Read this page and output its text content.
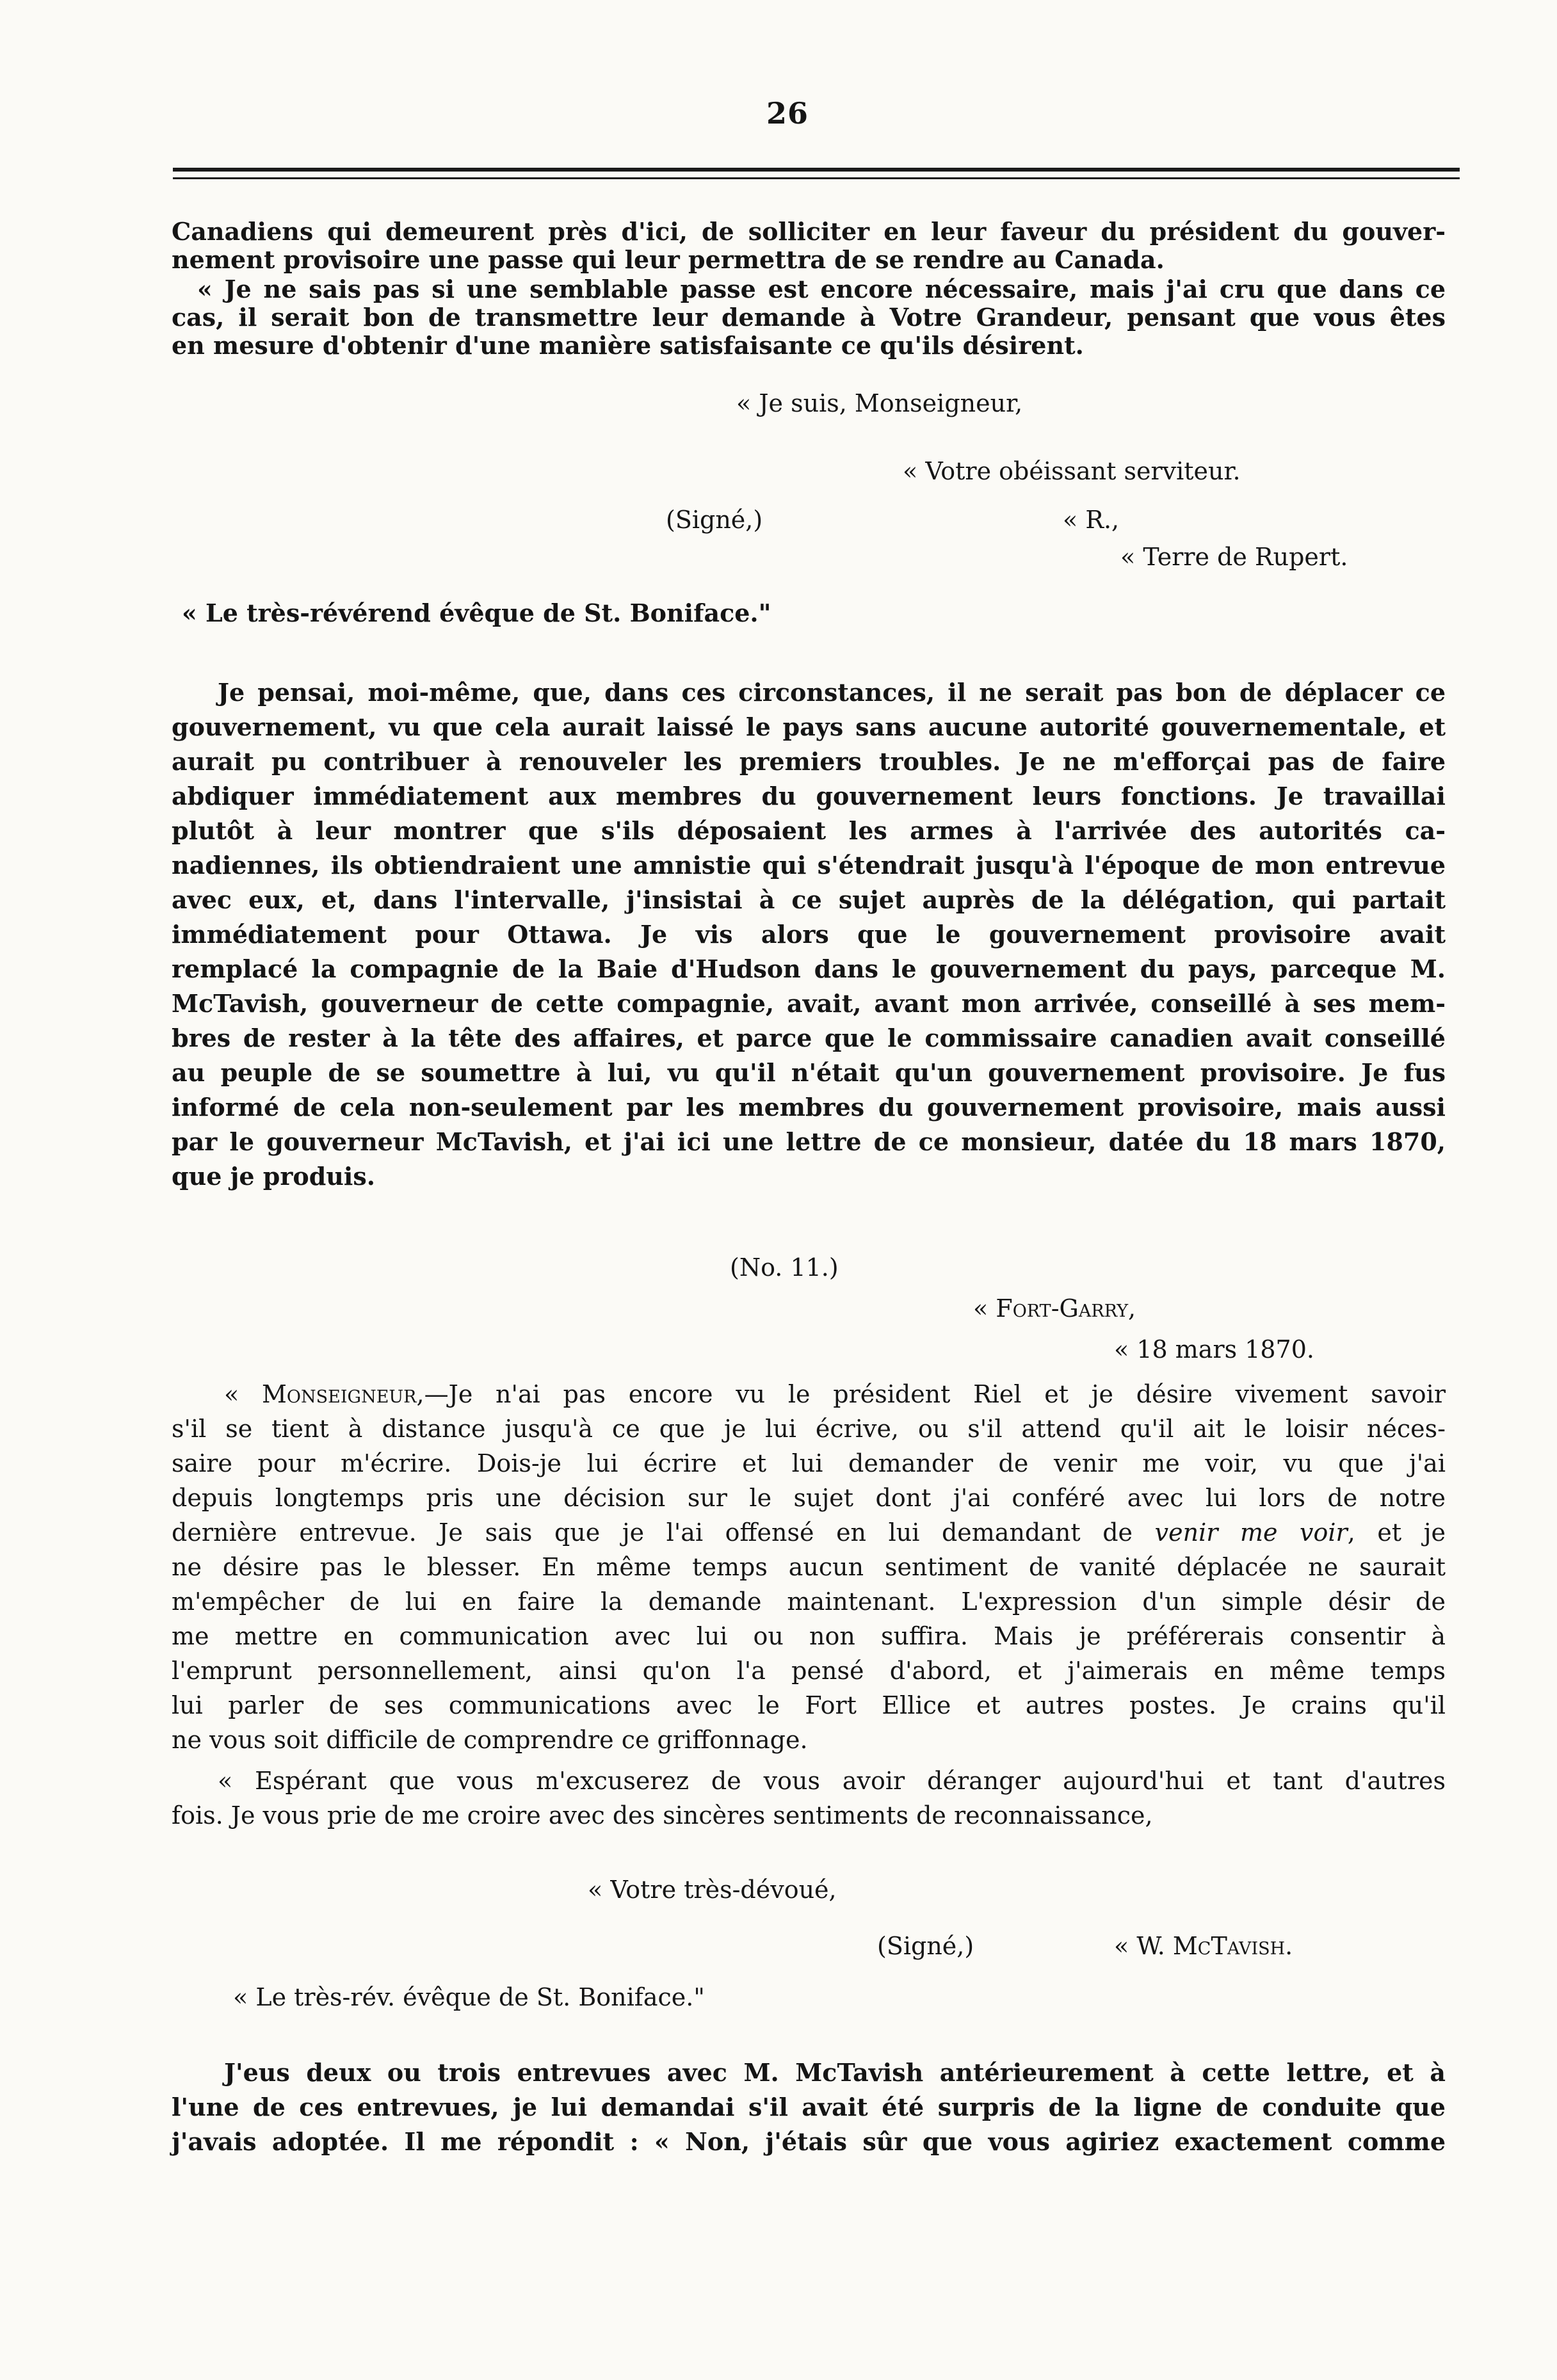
26
Canadiens qui demeurent près d'ici, de solliciter en leur faveur du président du gouver-
nement provisoire une passe qui leur permettra de se rendre au Canada.
« Je ne sais pas si une semblable passe est encore nécessaire, mais j'ai cru que dans ce
cas, il serait bon de transmettre leur demande à Votre Grandeur, pensant que vous êtes
en mesure d'obtenir d'une manière satisfaisante ce qu'ils désirent.
« Je suis, Monseigneur,
« Votre obéissant serviteur.
(Signé,)	« R.,
« Terre de Rupert.
« Le très-révérend évêque de St. Boniface."
Je pensai, moi-même, que, dans ces circonstances, il ne serait pas bon de déplacer ce
gouvernement, vu que cela aurait laissé le pays sans aucune autorité gouvernementale, et
aurait pu contribuer à renouveler les premiers troubles. Je ne m'efforçai pas de faire
abdiquer immédiatement aux membres du gouvernement leurs fonctions. Je travaillai
plutôt à leur montrer que s'ils déposaient les armes à l'arrivée des autorités ca-
nadiennes, ils obtiendraient une amnistie qui s'étendrait jusqu'à l'époque de mon entrevue
avec eux, et, dans l'intervalle, j'insistai à ce sujet auprès de la délégation, qui partait
immédiatement pour Ottawa. Je vis alors que le gouvernement provisoire avait
remplacé la compagnie de la Baie d'Hudson dans le gouvernement du pays, parceque M.
McTavish, gouverneur de cette compagnie, avait, avant mon arrivée, conseillé à ses mem-
bres de rester à la tête des affaires, et parce que le commissaire canadien avait conseillé
au peuple de se soumettre à lui, vu qu'il n'était qu'un gouvernement provisoire. Je fus
informé de cela non-seulement par les membres du gouvernement provisoire, mais aussi
par le gouverneur McTavish, et j'ai ici une lettre de ce monsieur, datée du 18 mars 1870,
que je produis.
(No. 11.)
« Fort-Garry,
« 18 mars 1870.
« Monseigneur,—Je n'ai pas encore vu le président Riel et je désire vivement savoir
s'il se tient à distance jusqu'à ce que je lui écrive, ou s'il attend qu'il ait le loisir néces-
saire pour m'écrire. Dois-je lui écrire et lui demander de venir me voir, vu que j'ai
depuis longtemps pris une décision sur le sujet dont j'ai conféré avec lui lors de notre
dernière entrevue. Je sais que je l'ai offensé en lui demandant de venir me voir, et je
ne désire pas le blesser. En même temps aucun sentiment de vanité déplacée ne saurait
m'empêcher de lui en faire la demande maintenant. L'expression d'un simple désir de
me mettre en communication avec lui ou non suffira. Mais je préférerais consentir à
l'emprunt personnellement, ainsi qu'on l'a pensé d'abord, et j'aimerais en même temps
lui parler de ses communications avec le Fort Ellice et autres postes. Je crains qu'il
ne vous soit difficile de comprendre ce griffonnage.
« Espérant que vous m'excuserez de vous avoir déranger aujourd'hui et tant d'autres
fois. Je vous prie de me croire avec des sincères sentiments de reconnaissance,
« Votre très-dévoué,
(Signé,)	« W. McTavish.
« Le très-rév. évêque de St. Boniface."
J'eus deux ou trois entrevues avec M. McTavish antérieurement à cette lettre, et à
l'une de ces entrevues, je lui demandai s'il avait été surpris de la ligne de conduite que
j'avais adoptée. Il me répondit : « Non, j'étais sûr que vous agiriez exactement comme
